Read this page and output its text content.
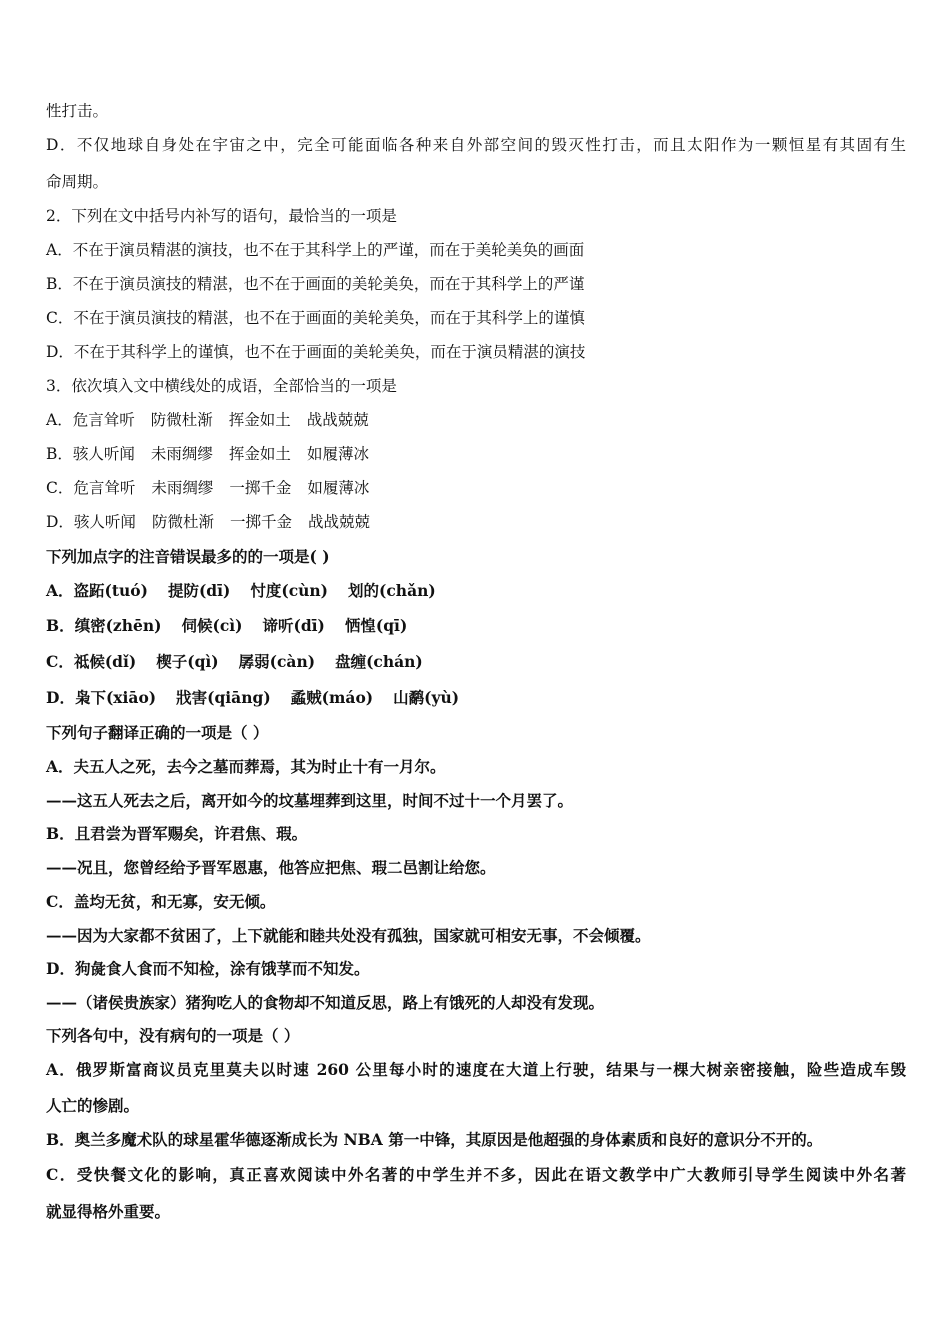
性打击。
D．不仅地球自身处在宇宙之中，完全可能面临各种来自外部空间的毁灭性打击，而且太阳作为一颗恒星有其固有生
命周期。
2．下列在文中括号内补写的语句，最恰当的一项是
A．不在于演员精湛的演技，也不在于其科学上的严谨，而在于美轮美奂的画面
B．不在于演员演技的精湛，也不在于画面的美轮美奂，而在于其科学上的严谨
C．不在于演员演技的精湛，也不在于画面的美轮美奂，而在于其科学上的谨慎
D．不在于其科学上的谨慎，也不在于画面的美轮美奂，而在于演员精湛的演技
3．依次填入文中横线处的成语，全部恰当的一项是
A．危言耸听 防微杜渐 挥金如土 战战兢兢
B．骇人听闻 未雨绸缪 挥金如土 如履薄冰
C．危言耸听 未雨绸缪 一掷千金 如履薄冰
D．骇人听闻 防微杜渐 一掷千金 战战兢兢
下列加点字的注音错误最多的的一项是( )
A．盗跖(tuó) 提防(dī) 忖度(cùn) 划的(chǎn)
B．缜密(zhēn) 伺候(cì) 谛听(dī) 恓惶(qī)
C．祗候(dǐ) 楔子(qì) 孱弱(càn) 盘缠(chán)
D．枭下(xiāo) 戕害(qiāng) 蟊贼(máo) 山鹬(yù)
下列句子翻译正确的一项是（ ）
A．夫五人之死，去今之墓而葬焉，其为时止十有一月尔。
——这五人死去之后，离开如今的坟墓埋葬到这里，时间不过十一个月罢了。
B．且君尝为晋军赐矣，许君焦、瑕。
——况且，您曾经给予晋军恩惠，他答应把焦、瑕二邑割让给您。
C．盖均无贫，和无寡，安无倾。
——因为大家都不贫困了，上下就能和睦共处没有孤独，国家就可相安无事，不会倾覆。
D．狗彘食人食而不知检，涂有饿莩而不知发。
——（诸侯贵族家）猪狗吃人的食物却不知道反思，路上有饿死的人却没有发现。
下列各句中，没有病句的一项是（ ）
A．俄罗斯富商议员克里莫夫以时速 260 公里每小时的速度在大道上行驶，结果与一棵大树亲密接触，险些造成车毁
人亡的惨剧。
B．奥兰多魔术队的球星霍华德逐渐成长为 NBA 第一中锋，其原因是他超强的身体素质和良好的意识分不开的。
C．受快餐文化的影响，真正喜欢阅读中外名著的中学生并不多，因此在语文教学中广大教师引导学生阅读中外名著
就显得格外重要。
